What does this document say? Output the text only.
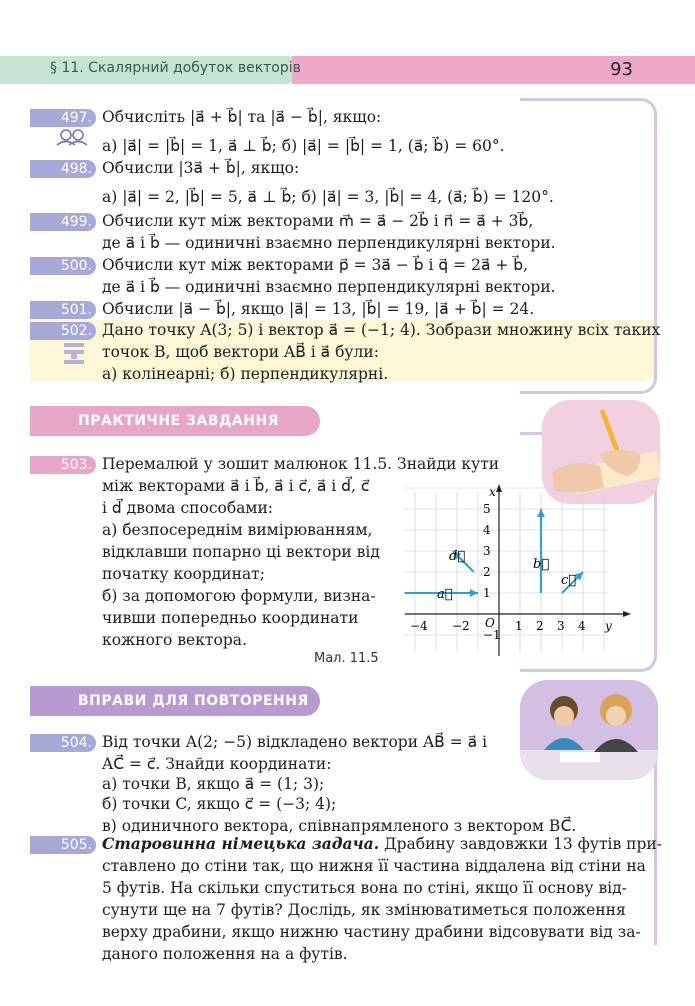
§ 11. Скалярний добуток векторів	93
497. Обчисліть |a⃗ + b⃗| та |a⃗ − b⃗|, якщо:
а) |a⃗| = |b⃗| = 1, a⃗ ⊥ b⃗; б) |a⃗| = |b⃗| = 1, (a⃗; b⃗) = 60°.
498. Обчисли |3a⃗ + b⃗|, якщо:
а) |a⃗| = 2, |b⃗| = 5, a⃗ ⊥ b⃗; б) |a⃗| = 3, |b⃗| = 4, (a⃗; b⃗) = 120°.
499. Обчисли кут між векторами m⃗ = a⃗ − 2b⃗ і n⃗ = a⃗ + 3b⃗,
де a⃗ і b⃗ — одиничні взаємно перпендикулярні вектори.
500. Обчисли кут між векторами p⃗ = 3a⃗ − b⃗ і q⃗ = 2a⃗ + b⃗,
де a⃗ і b⃗ — одиничні взаємно перпендикулярні вектори.
501. Обчисли |a⃗ − b⃗|, якщо |a⃗| = 13, |b⃗| = 19, |a⃗ + b⃗| = 24.
502. Дано точку A(3; 5) і вектор a⃗ = (−1; 4). Зобрази множину всіх таких
точок B, щоб вектори AB⃗ і a⃗ були:
а) колінеарні; б) перпендикулярні.
ПРАКТИЧНЕ ЗАВДАННЯ
503. Перемалюй у зошит малюнок 11.5. Знайди кути
між векторами a⃗ і b⃗, a⃗ і c⃗, a⃗ і d⃗, c⃗
і d⃗ двома способами:
а) безпосереднім вимірюванням,
відклавши попарно ці вектори від
початку координат;
б) за допомогою формули, визна-
чивши попередньо координати
кожного вектора.
x
y
O
−4 −2	1 2 3 4
5
4
3
2
1
−1
a⃗
b⃗
c⃗
d⃗
Мал. 11.5
ВПРАВИ ДЛЯ ПОВТОРЕННЯ
504. Від точки A(2; −5) відкладено вектори AB⃗ = a⃗ і
AC⃗ = c⃗. Знайди координати:
а) точки B, якщо a⃗ = (1; 3);
б) точки C, якщо c⃗ = (−3; 4);
в) одиничного вектора, співнапрямленого з вектором BC⃗.
505. Старовинна німецька задача. Драбину завдовжки 13 футів при-
ставлено до стіни так, що нижня її частина віддалена від стіни на
5 футів. На скільки спуститься вона по стіні, якщо її основу від-
сунути ще на 7 футів? Дослідь, як змінюватиметься положення
верху драбини, якщо нижню частину драбини відсовувати від за-
даного положення на a футів.
